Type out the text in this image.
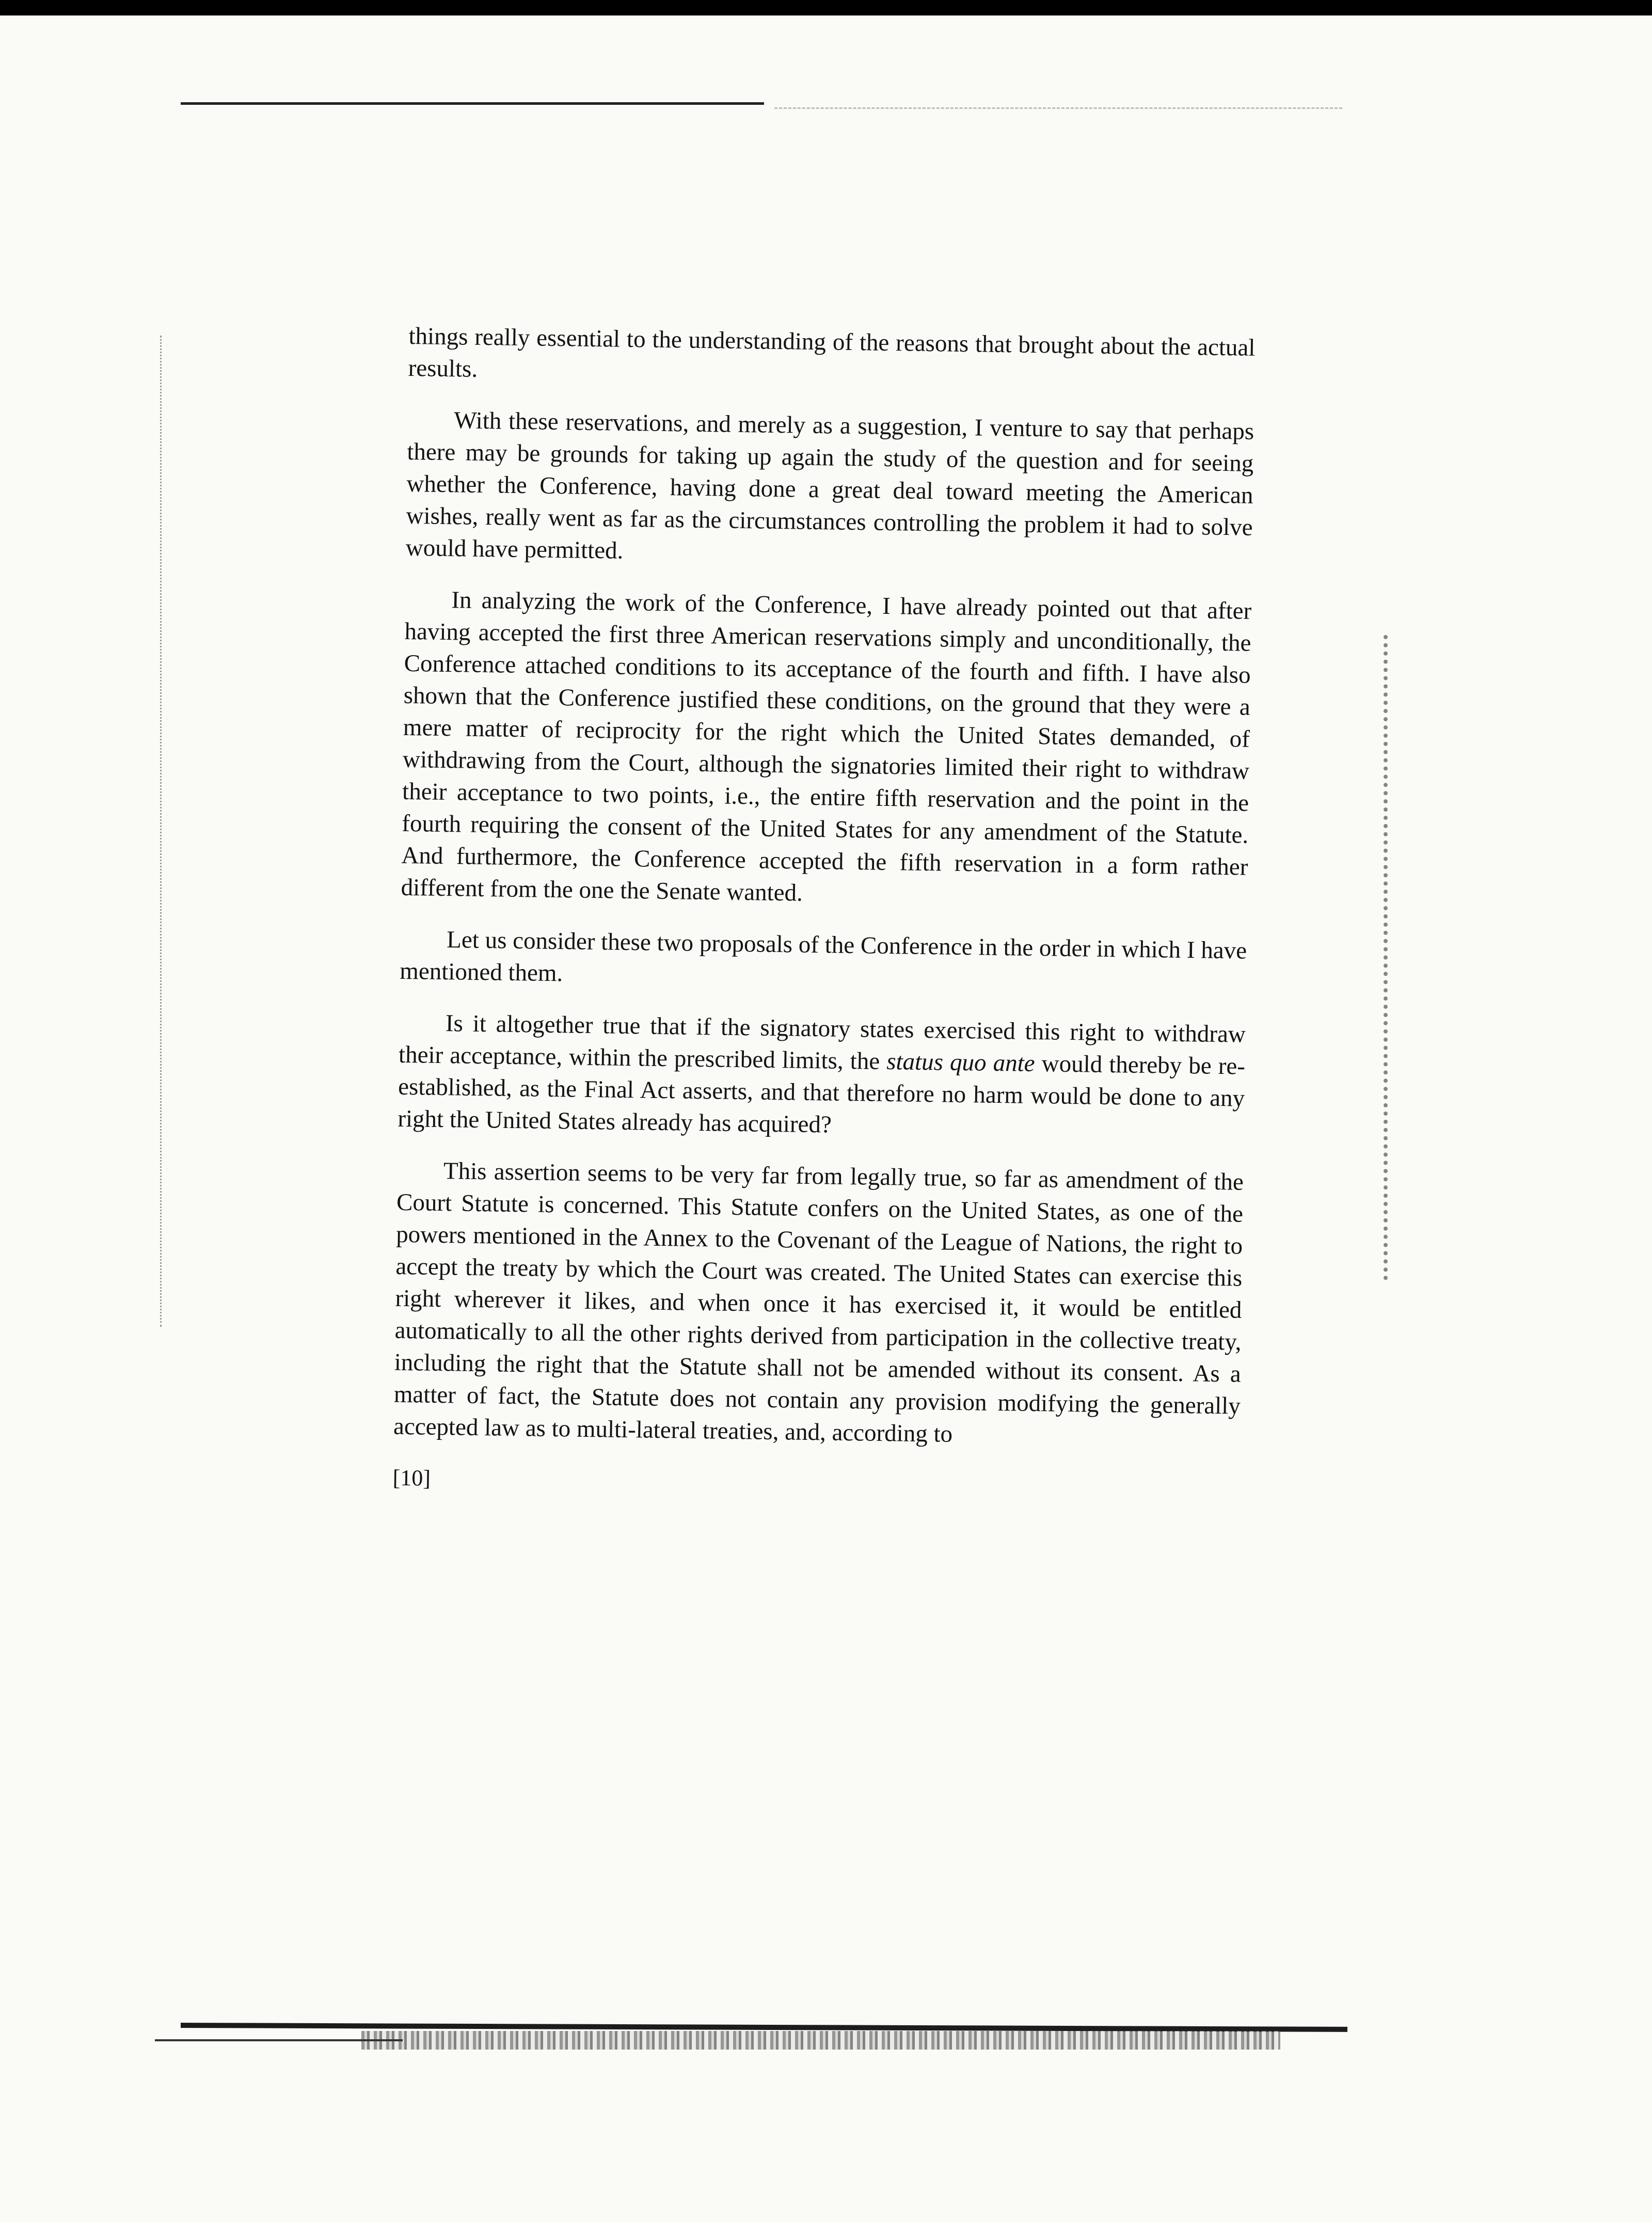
things really essential to the understanding of the reasons that brought about the actual results.

With these reservations, and merely as a suggestion, I venture to say that perhaps there may be grounds for taking up again the study of the question and for seeing whether the Conference, having done a great deal toward meeting the American wishes, really went as far as the circumstances controlling the problem it had to solve would have permitted.

In analyzing the work of the Conference, I have already pointed out that after having accepted the first three American reservations simply and unconditionally, the Conference attached conditions to its acceptance of the fourth and fifth. I have also shown that the Conference justified these conditions, on the ground that they were a mere matter of reciprocity for the right which the United States demanded, of withdrawing from the Court, although the signatories limited their right to withdraw their acceptance to two points, i.e., the entire fifth reservation and the point in the fourth requiring the consent of the United States for any amendment of the Statute. And furthermore, the Conference accepted the fifth reservation in a form rather different from the one the Senate wanted.

Let us consider these two proposals of the Conference in the order in which I have mentioned them.

Is it altogether true that if the signatory states exercised this right to withdraw their acceptance, within the prescribed limits, the status quo ante would thereby be re-established, as the Final Act asserts, and that therefore no harm would be done to any right the United States already has acquired?

This assertion seems to be very far from legally true, so far as amendment of the Court Statute is concerned. This Statute confers on the United States, as one of the powers mentioned in the Annex to the Covenant of the League of Nations, the right to accept the treaty by which the Court was created. The United States can exercise this right wherever it likes, and when once it has exercised it, it would be entitled automatically to all the other rights derived from participation in the collective treaty, including the right that the Statute shall not be amended without its consent. As a matter of fact, the Statute does not contain any provision modifying the generally accepted law as to multi-lateral treaties, and, according to

[10]
